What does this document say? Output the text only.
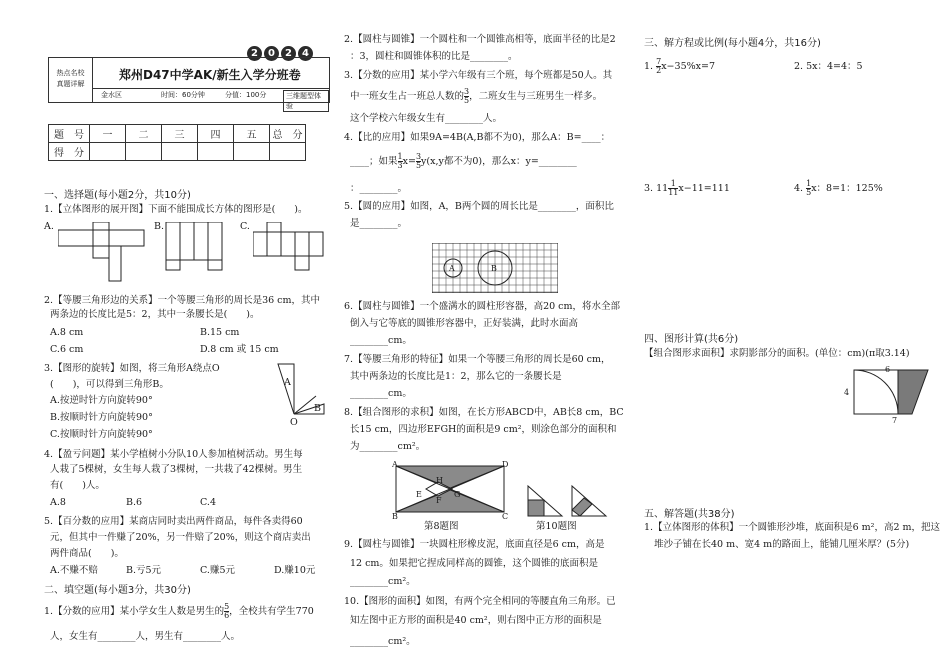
2	0	2	4
热点名校
真题详解
郑州D47中学AK/新生入学分班卷
金水区	时间：60分钟	分值：100分	三维题型体验
题　号	一	二	三	四	五	总　分
得　分						
一、选择题(每小题2分，共10分)
1.【立体图形的展开图】下面不能围成长方体的图形是(　　)。
A.	B.	C.
2.【等腰三角形边的关系】一个等腰三角形的周长是36 cm，其中
两条边的长度比是5：2，其中一条腰长是(　　)。
A.8 cm	B.15 cm
C.6 cm	D.8 cm 或 15 cm
3.【图形的旋转】如图，将三角形A绕点O
(　　)，可以得到三角形B。
A.按逆时针方向旋转90°
B.按顺时针方向旋转90°
C.按顺时针方向旋转90°
A
B
O
4.【盈亏问题】某小学植树小分队10人参加植树活动。男生每
人栽了5棵树，女生每人栽了3棵树，一共栽了42棵树。男生
有(　　)人。
A.8	B.6	C.4
5.【百分数的应用】某商店同时卖出两件商品，每件各卖得60
元，但其中一件赚了20%，另一件赔了20%，则这个商店卖出
两件商品(　　)。
A.不赚不赔	B.亏5元	C.赚5元	D.赚10元
二、填空题(每小题3分，共30分)
1.【分数的应用】某小学女生人数是男生的 $\frac{5}{6}$ ，全校共有学生770
人，女生有________人，男生有________人。
2.【圆柱与圆锥】一个圆柱和一个圆锥高相等，底面半径的比是2
：3，圆柱和圆锥体积的比是________。
3.【分数的应用】某小学六年级有三个班，每个班都是50人。其
中一班女生占一班总人数的 $\frac{3}{5}$ ，二班女生与三班男生一样多。
这个学校六年级女生有________人。
4.【比的应用】如果9A=4B(A,B都不为0)，那么A：B=____：
____；如果 $\frac{1}{3} x= \frac{3}{5} y(x,y$都不为0)，那么x：y=________
：________。
5.【圆的应用】如图，A，B两个圆的周长比是________，面积比
是________。
A	B
6.【圆柱与圆锥】一个盛满水的圆柱形容器，高20 cm，将水全部
倒入与它等底的圆锥形容器中，正好装满，此时水面高
________cm。
7.【等腰三角形的特征】如果一个等腰三角形的周长是60 cm，
其中两条边的长度比是1：2，那么它的一条腰长是
________cm。
8.【组合图形的求积】如图，在长方形ABCD中，AB长8 cm，BC
长15 cm，四边形EFGH的面积是9 cm²，则涂色部分的面积和
为________cm²。
A
B	C
D
E
F
G
H
第8题图	第10题图
9.【圆柱与圆锥】一块圆柱形橡皮泥，底面直径是6 cm，高是
12 cm。如果把它捏成同样高的圆锥，这个圆锥的底面积是
________cm²。
10.【图形的面积】如图，有两个完全相同的等腰直角三角形。已
知左图中正方形的面积是40 cm²，则右图中正方形的面积是
________cm²。
三、解方程或比例(每小题4分，共16分)
1. $\frac{7}{2} x-35\%x=7$	2. 5x：4=4：5
3. $11 \frac{1}{11} x-11=111$	4. $\frac{1}{5}$ x：8=1：125%
四、图形计算(共6分)
【组合图形求面积】求阴影部分的面积。(单位：cm)(π取3.14)
6
4
7
五、解答题(共38分)
1.【立体图形的体积】一个圆锥形沙堆，底面积是6 m²，高2 m，把这
堆沙子铺在长40 m、宽4 m的路面上，能铺几厘米厚？(5分)
